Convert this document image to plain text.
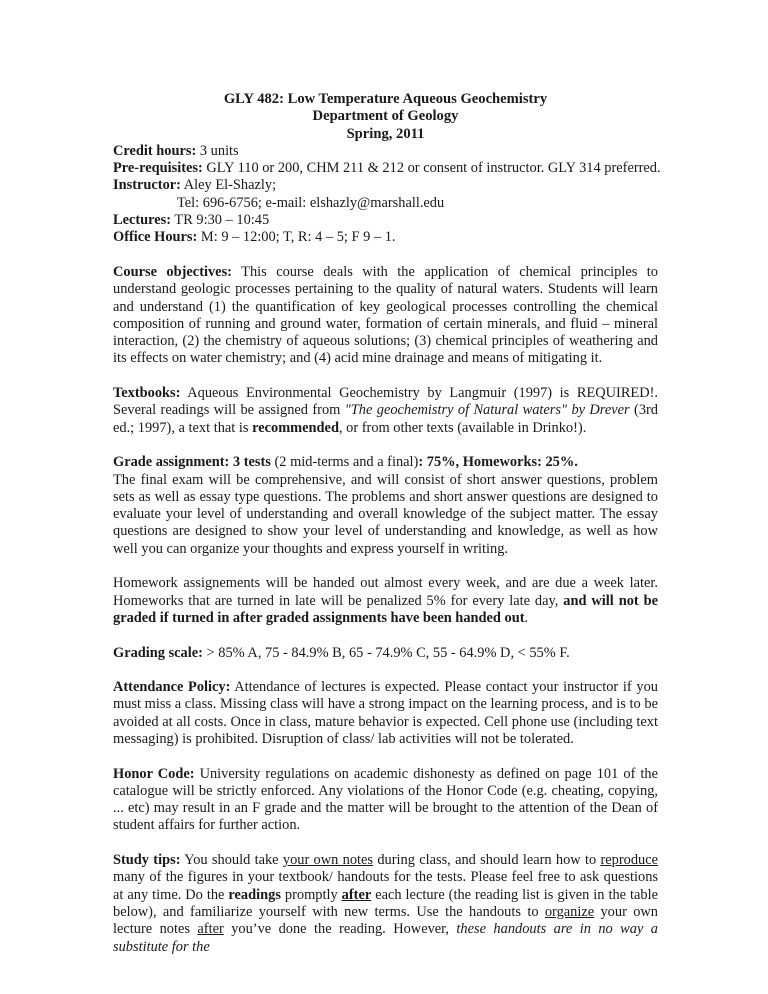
GLY 482: Low Temperature Aqueous Geochemistry
Department of Geology
Spring, 2011
Credit hours: 3 units
Pre-requisites: GLY 110 or 200, CHM 211 & 212 or consent of instructor. GLY 314 preferred.
Instructor: Aley El-Shazly;
Tel: 696-6756; e-mail: elshazly@marshall.edu
Lectures: TR 9:30 – 10:45
Office Hours: M: 9 – 12:00; T, R: 4 – 5; F 9 – 1.
Course objectives: This course deals with the application of chemical principles to understand geologic processes pertaining to the quality of natural waters. Students will learn and understand (1) the quantification of key geological processes controlling the chemical composition of running and ground water, formation of certain minerals, and fluid – mineral interaction, (2) the chemistry of aqueous solutions; (3) chemical principles of weathering and its effects on water chemistry; and (4) acid mine drainage and means of mitigating it.
Textbooks: Aqueous Environmental Geochemistry by Langmuir (1997) is REQUIRED!. Several readings will be assigned from "The geochemistry of Natural waters" by Drever (3rd ed.; 1997), a text that is recommended, or from other texts (available in Drinko!).
Grade assignment: 3 tests (2 mid-terms and a final): 75%, Homeworks: 25%.
The final exam will be comprehensive, and will consist of short answer questions, problem sets as well as essay type questions. The problems and short answer questions are designed to evaluate your level of understanding and overall knowledge of the subject matter. The essay questions are designed to show your level of understanding and knowledge, as well as how well you can organize your thoughts and express yourself in writing.
Homework assignements will be handed out almost every week, and are due a week later. Homeworks that are turned in late will be penalized 5% for every late day, and will not be graded if turned in after graded assignments have been handed out.
Grading scale: > 85% A, 75 - 84.9% B, 65 - 74.9% C, 55 - 64.9% D, < 55% F.
Attendance Policy: Attendance of lectures is expected. Please contact your instructor if you must miss a class. Missing class will have a strong impact on the learning process, and is to be avoided at all costs. Once in class, mature behavior is expected. Cell phone use (including text messaging) is prohibited. Disruption of class/ lab activities will not be tolerated.
Honor Code: University regulations on academic dishonesty as defined on page 101 of the catalogue will be strictly enforced. Any violations of the Honor Code (e.g. cheating, copying, ... etc) may result in an F grade and the matter will be brought to the attention of the Dean of student affairs for further action.
Study tips: You should take your own notes during class, and should learn how to reproduce many of the figures in your textbook/ handouts for the tests. Please feel free to ask questions at any time. Do the readings promptly after each lecture (the reading list is given in the table below), and familiarize yourself with new terms. Use the handouts to organize your own lecture notes after you’ve done the reading. However, these handouts are in no way a substitute for the
